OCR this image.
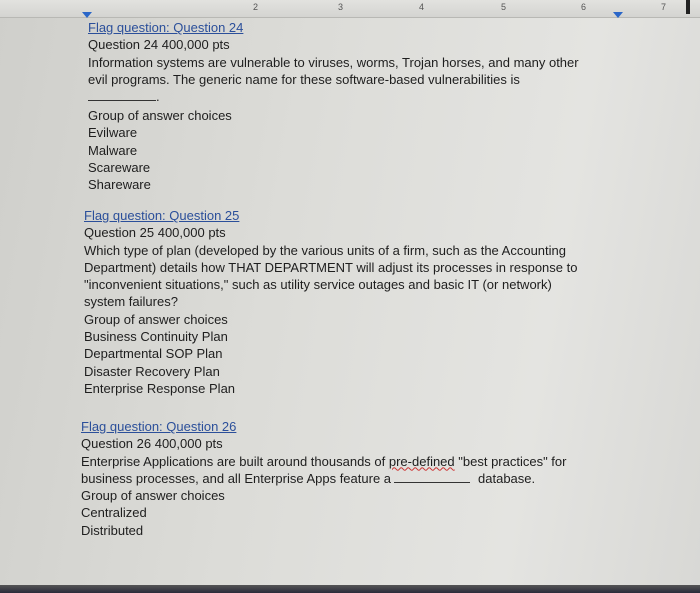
2	3	4	5	6	7
Flag question: Question 24
Question 24 400,000 pts
Information systems are vulnerable to viruses, worms, Trojan horses, and many other
evil programs. The generic name for these software-based vulnerabilities is
.
Group of answer choices
Evilware
Malware
Scareware
Shareware
Flag question: Question 25
Question 25 400,000 pts
Which type of plan (developed by the various units of a firm, such as the Accounting
Department) details how THAT DEPARTMENT will adjust its processes in response to
"inconvenient situations," such as utility service outages and basic IT (or network)
system failures?
Group of answer choices
Business Continuity Plan
Departmental SOP Plan
Disaster Recovery Plan
Enterprise Response Plan
Flag question: Question 26
Question 26 400,000 pts
Enterprise Applications are built around thousands of pre-defined "best practices" for
business processes, and all Enterprise Apps feature a	database.
Group of answer choices
Centralized
Distributed
